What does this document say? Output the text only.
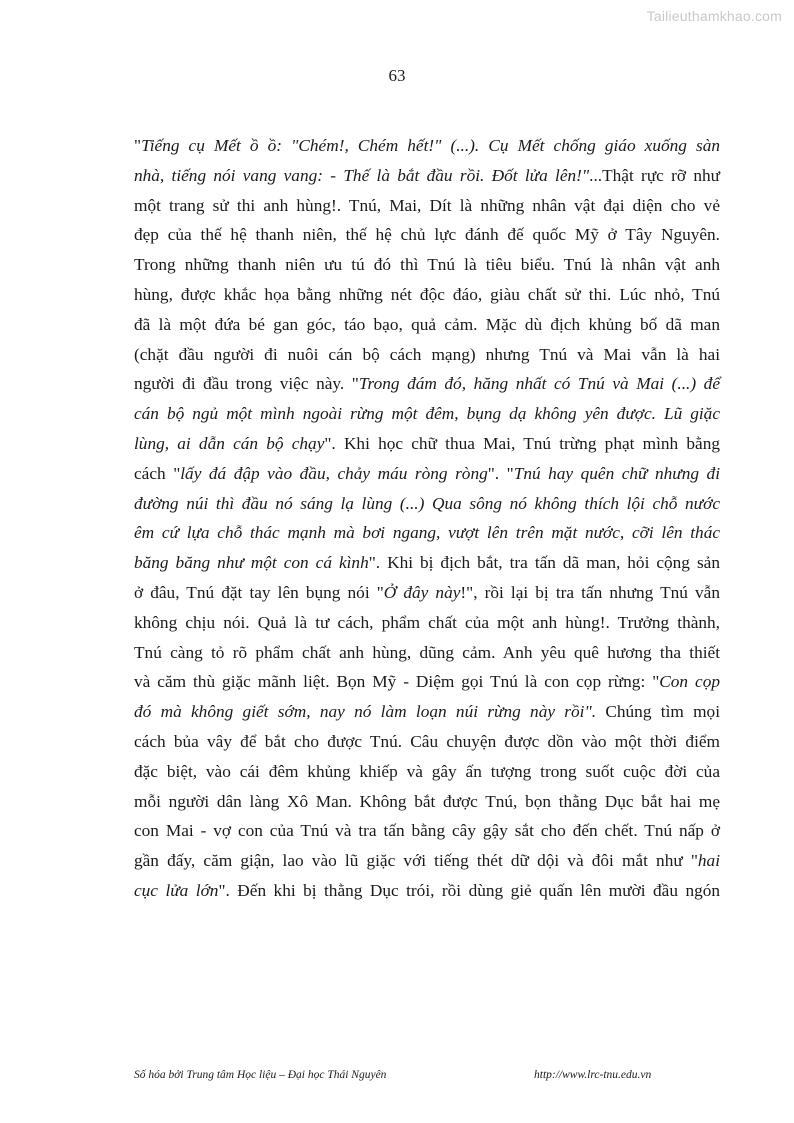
Tailieuthamkhao.com
63
"Tiếng cụ Mết ồ ồ: "Chém!, Chém hết!" (...). Cụ Mết chống giáo xuống sàn
nhà, tiếng nói vang vang: - Thế là bắt đầu rồi. Đốt lửa lên!"...Thật rực rỡ như
một trang sử thi anh hùng!. Tnú, Mai, Dít là những nhân vật đại diện cho vẻ
đẹp của thế hệ thanh niên, thế hệ chủ lực đánh đế quốc Mỹ ở Tây Nguyên.
Trong những thanh niên ưu tú đó thì Tnú là tiêu biểu. Tnú là nhân vật anh
hùng, được khắc họa bằng những nét độc đáo, giàu chất sử thi. Lúc nhỏ, Tnú
đã là một đứa bé gan góc, táo bạo, quả cảm. Mặc dù địch khủng bố dã man
(chặt đầu người đi nuôi cán bộ cách mạng) nhưng Tnú và Mai vẫn là hai
người đi đầu trong việc này. "Trong đám đó, hăng nhất có Tnú và Mai (...) để
cán bộ ngủ một mình ngoài rừng một đêm, bụng dạ không yên được. Lũ giặc
lùng, ai dẫn cán bộ chạy". Khi học chữ thua Mai, Tnú trừng phạt mình bằng
cách "lấy đá đập vào đầu, chảy máu ròng ròng". "Tnú hay quên chữ nhưng đi
đường núi thì đầu nó sáng lạ lùng (...) Qua sông nó không thích lội chỗ nước
êm cứ lựa chỗ thác mạnh mà bơi ngang, vượt lên trên mặt nước, cỡi lên thác
băng băng như một con cá kình". Khi bị địch bắt, tra tấn dã man, hỏi cộng sản
ở đâu, Tnú đặt tay lên bụng nói "Ở đây này!", rồi lại bị tra tấn nhưng Tnú vẫn
không chịu nói. Quả là tư cách, phẩm chất của một anh hùng!. Trưởng thành,
Tnú càng tỏ rõ phẩm chất anh hùng, dũng cảm. Anh yêu quê hương tha thiết
và căm thù giặc mãnh liệt. Bọn Mỹ - Diệm gọi Tnú là con cọp rừng: "Con cọp
đó mà không giết sớm, nay nó làm loạn núi rừng này rồi". Chúng tìm mọi
cách bủa vây để bắt cho được Tnú. Câu chuyện được dồn vào một thời điểm
đặc biệt, vào cái đêm khủng khiếp và gây ấn tượng trong suốt cuộc đời của
mỗi người dân làng Xô Man. Không bắt được Tnú, bọn thằng Dục bắt hai mẹ
con Mai - vợ con của Tnú và tra tấn bằng cây gậy sắt cho đến chết. Tnú nấp ở
gần đấy, căm giận, lao vào lũ giặc với tiếng thét dữ dội và đôi mắt như "hai
cục lửa lớn". Đến khi bị thằng Dục trói, rồi dùng giẻ quấn lên mười đầu ngón
Số hóa bởi Trung tâm Học liệu – Đại học Thái Nguyên	http://www.lrc-tnu.edu.vn
